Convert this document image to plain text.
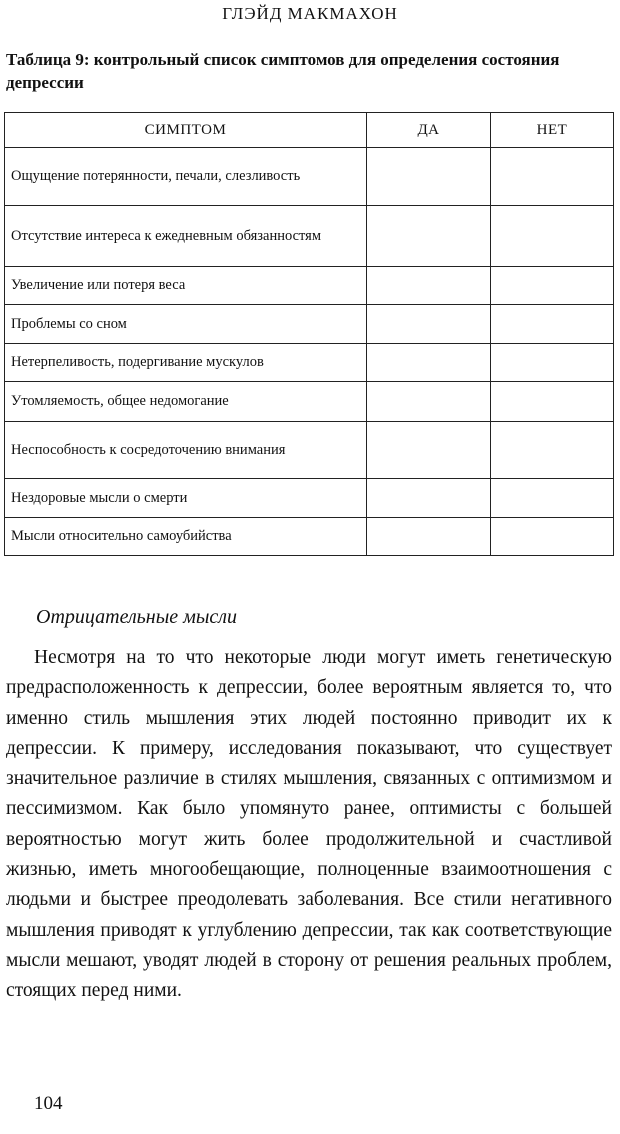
ГЛЭЙД МАКМАХОН
Таблица 9: контрольный список симптомов для определения состояния депрессии
СИМПТОМ	ДА	НЕТ
Ощущение потерянности, печали, слезливость		
Отсутствие интереса к ежедневным обязанностям		
Увеличение или потеря веса		
Проблемы со сном		
Нетерпеливость, подергивание мускулов		
Утомляемость, общее недомогание		
Неспособность к сосредоточению внимания		
Нездоровые мысли о смерти		
Мысли относительно самоубийства		
Отрицательные мысли
Несмотря на то что некоторые люди могут иметь генетическую предрасположенность к депрессии, более вероятным является то, что именно стиль мышления этих людей постоянно приводит их к депрессии. К примеру, исследования показывают, что существует значительное различие в стилях мышления, связанных с оптимизмом и пессимизмом. Как было упомянуто ранее, оптимисты с большей вероятностью могут жить более продолжительной и счастливой жизнью, иметь многообещающие, полноценные взаимоотношения с людьми и быстрее преодолевать заболевания. Все стили негативного мышления приводят к углублению депрессии, так как соответствующие мысли мешают, уводят людей в сторону от решения реальных проблем, стоящих перед ними.
104
